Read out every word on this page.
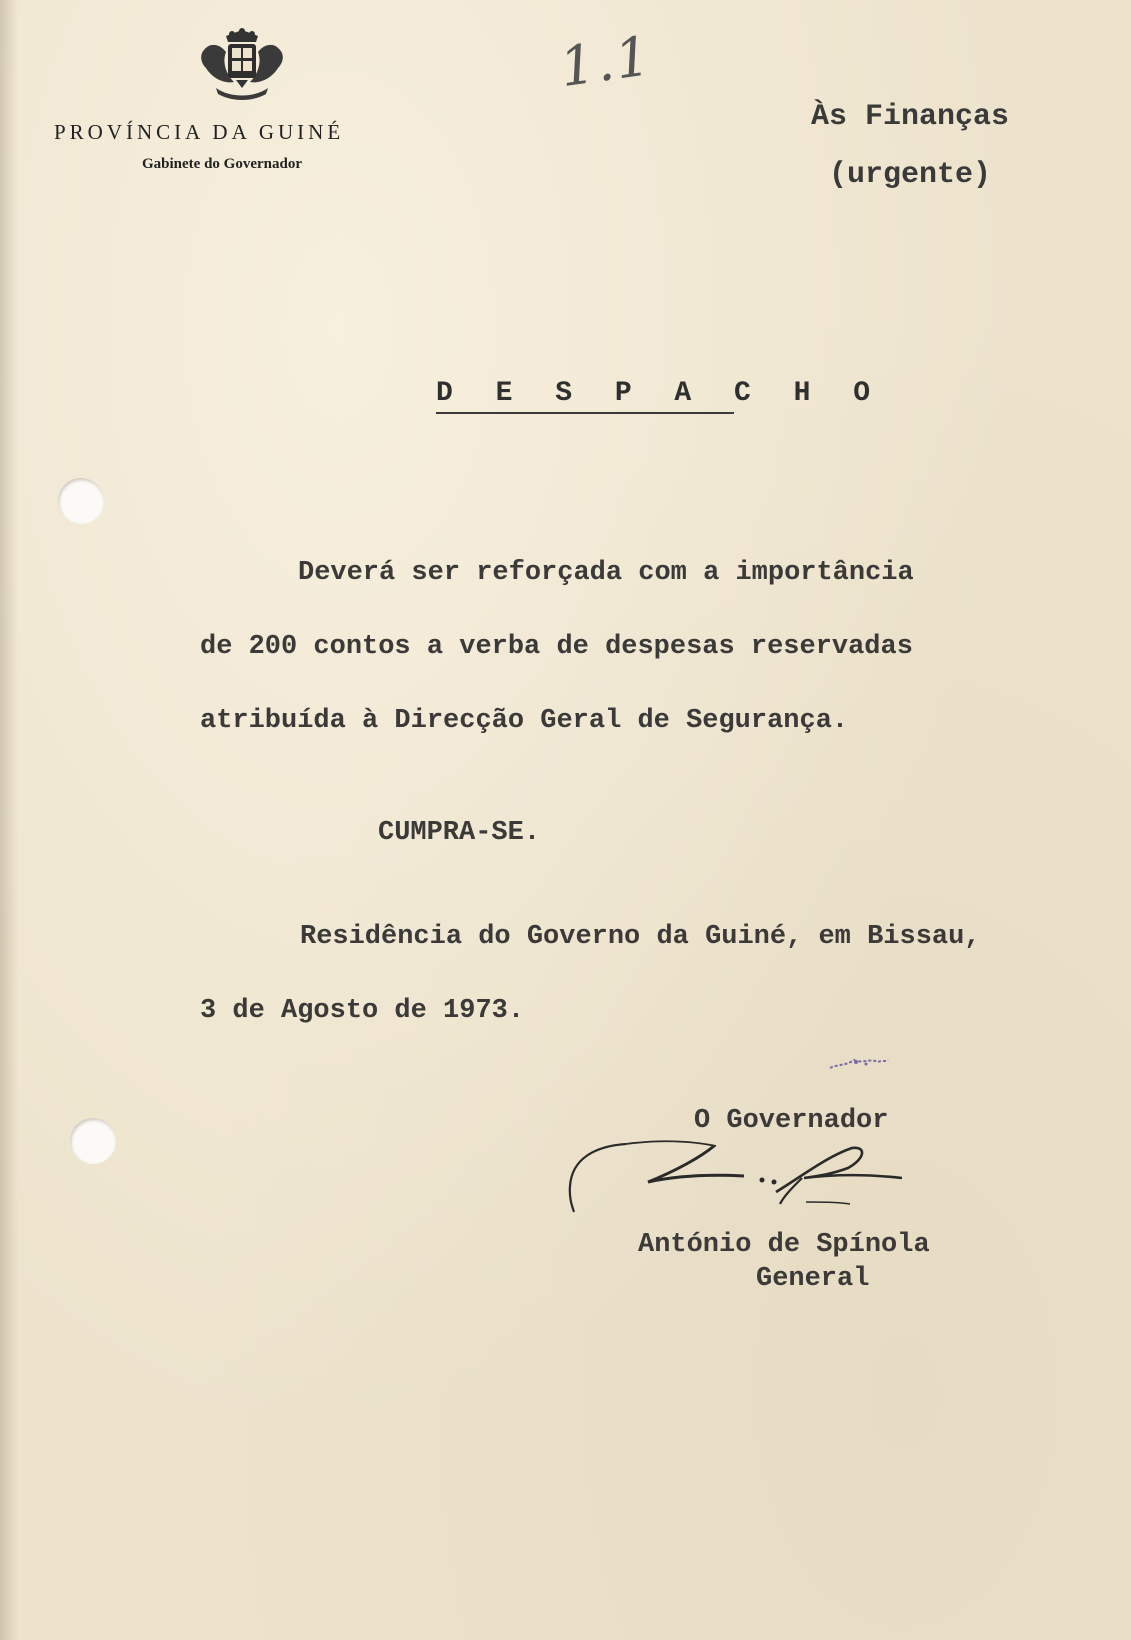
PROVÍNCIA DA GUINÉ
Gabinete do Governador
1.1
Às Finanças
(urgente)
D E S P A C H O
Deverá ser reforçada com a importância
de 200 contos a verba de despesas reservadas
atribuída à Direcção Geral de Segurança.
CUMPRA-SE.
Residência do Governo da Guiné, em Bissau,
3 de Agosto de 1973.
O Governador
António de Spínola
General
